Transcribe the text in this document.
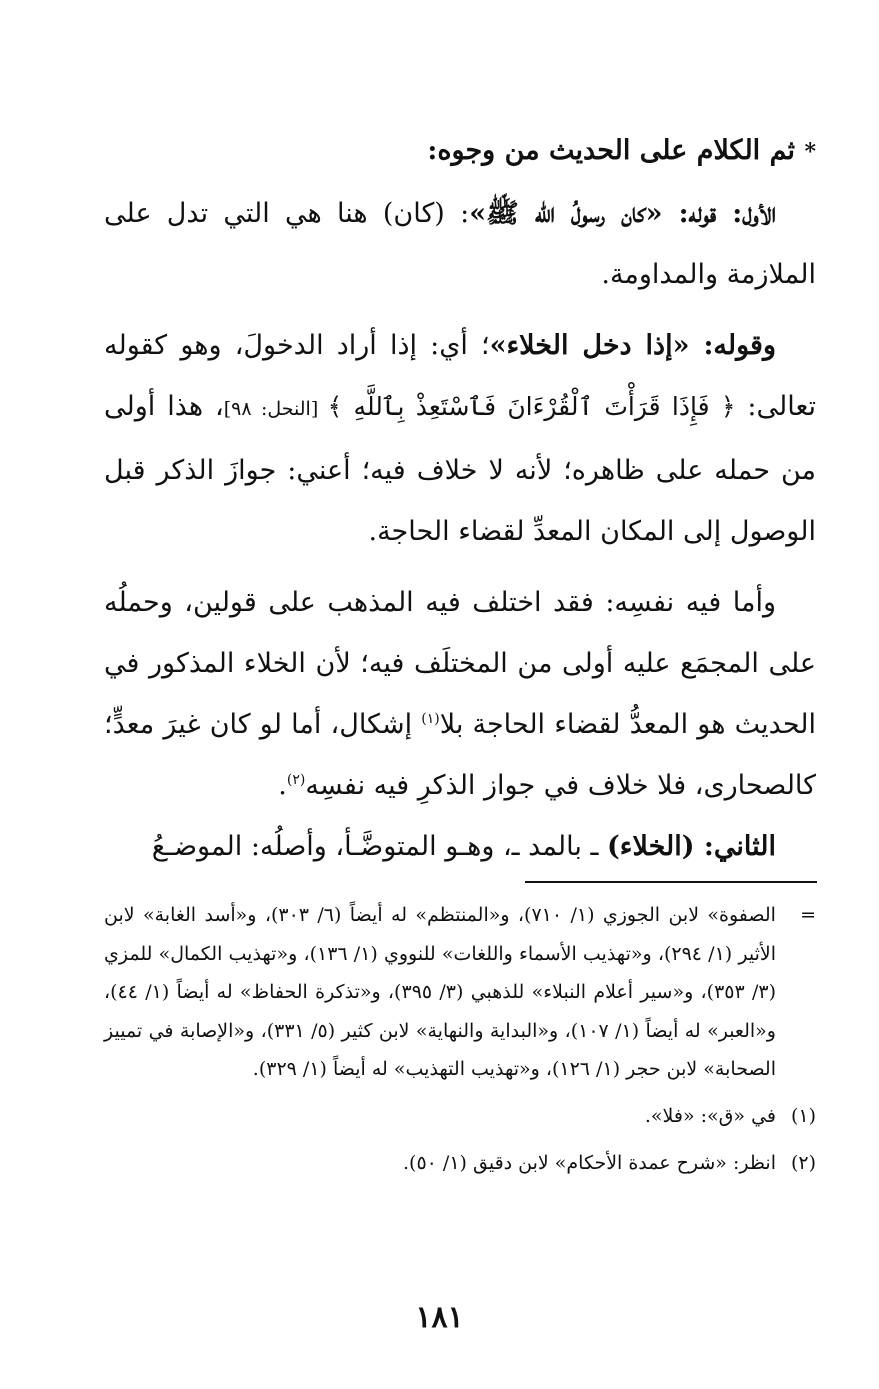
* ثم الكلام على الحديث من وجوه:

الأول: قوله: «كان رسولُ الله ﷺ»: (كان) هنا هي التي تدل على الملازمة والمداومة.

وقوله: «إذا دخل الخلاء»؛ أي: إذا أراد الدخولَ، وهو كقوله تعالى: ﴿ فَإِذَا قَرَأْتَ ٱلْقُرْءَانَ فَٱسْتَعِذْ بِٱللَّهِ ﴾ [النحل: ٩٨]، هذا أولى من حمله على ظاهره؛ لأنه لا خلاف فيه؛ أعني: جوازَ الذكر قبل الوصول إلى المكان المعدِّ لقضاء الحاجة.

وأما فيه نفسِه: فقد اختلف فيه المذهب على قولين، وحملُه على المجمَع عليه أولى من المختلَف فيه؛ لأن الخلاء المذكور في الحديث هو المعدُّ لقضاء الحاجة بلا$^{(١)}$ إشكال، أما لو كان غيرَ معدٍّ؛ كالصحارى، فلا خلاف في جواز الذكرِ فيه نفسِه$^{(٢)}$.

الثاني: (الخلاء) ـ بالمد ـ، وهـو المتوضَّـأ، وأصلُه: الموضـعُ

=
الصفوة» لابن الجوزي (١/ ٧١٠)، و«المنتظم» له أيضاً (٦/ ٣٠٣)، و«أسد الغابة» لابن الأثير (١/ ٢٩٤)، و«تهذيب الأسماء واللغات» للنووي (١/ ١٣٦)، و«تهذيب الكمال» للمزي (٣/ ٣٥٣)، و«سير أعلام النبلاء» للذهبي (٣/ ٣٩٥)، و«تذكرة الحفاظ» له أيضاً (١/ ٤٤)، و«العبر» له أيضاً (١/ ١٠٧)، و«البداية والنهاية» لابن كثير (٥/ ٣٣١)، و«الإصابة في تمييز الصحابة» لابن حجر (١/ ١٢٦)، و«تهذيب التهذيب» له أيضاً (١/ ٣٢٩).
(١)
في «ق»: «فلا».
(٢)
انظر: «شرح عمدة الأحكام» لابن دقيق (١/ ٥٠).
١٨١
